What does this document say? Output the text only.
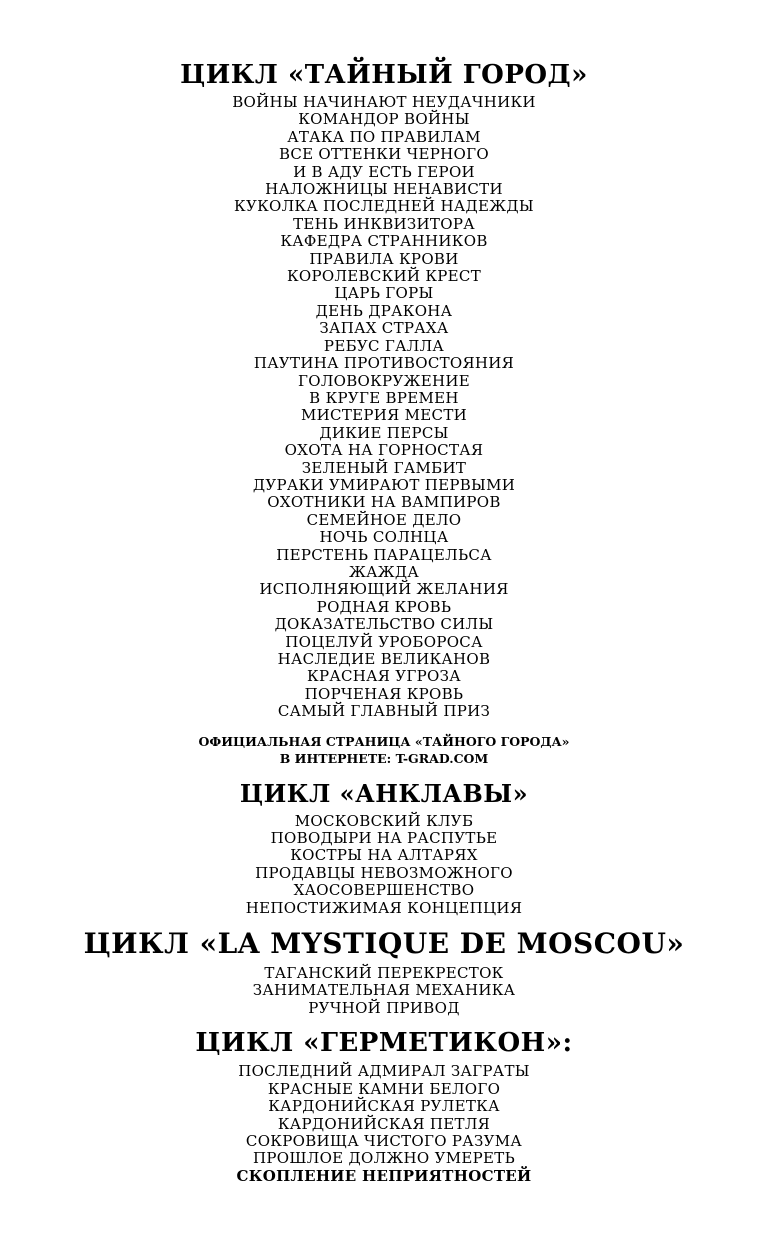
ЦИКЛ «ТАЙНЫЙ ГОРОД»
ВОЙНЫ НАЧИНАЮТ НЕУДАЧНИКИ
КОМАНДОР ВОЙНЫ
АТАКА ПО ПРАВИЛАМ
ВСЕ ОТТЕНКИ ЧЕРНОГО
И В АДУ ЕСТЬ ГЕРОИ
НАЛОЖНИЦЫ НЕНАВИСТИ
КУКОЛКА ПОСЛЕДНЕЙ НАДЕЖДЫ
ТЕНЬ ИНКВИЗИТОРА
КАФЕДРА СТРАННИКОВ
ПРАВИЛА КРОВИ
КОРОЛЕВСКИЙ КРЕСТ
ЦАРЬ ГОРЫ
ДЕНЬ ДРАКОНА
ЗАПАХ СТРАХА
РЕБУС ГАЛЛА
ПАУТИНА ПРОТИВОСТОЯНИЯ
ГОЛОВОКРУЖЕНИЕ
В КРУГЕ ВРЕМЕН
МИСТЕРИЯ МЕСТИ
ДИКИЕ ПЕРСЫ
ОХОТА НА ГОРНОСТАЯ
ЗЕЛЕНЫЙ ГАМБИТ
ДУРАКИ УМИРАЮТ ПЕРВЫМИ
ОХОТНИКИ НА ВАМПИРОВ
СЕМЕЙНОЕ ДЕЛО
НОЧЬ СОЛНЦА
ПЕРСТЕНЬ ПАРАЦЕЛЬСА
ЖАЖДА
ИСПОЛНЯЮЩИЙ ЖЕЛАНИЯ
РОДНАЯ КРОВЬ
ДОКАЗАТЕЛЬСТВО СИЛЫ
ПОЦЕЛУЙ УРОБОРОСА
НАСЛЕДИЕ ВЕЛИКАНОВ
КРАСНАЯ УГРОЗА
ПОРЧЕНАЯ КРОВЬ
САМЫЙ ГЛАВНЫЙ ПРИЗ
ОФИЦИАЛЬНАЯ СТРАНИЦА «ТАЙНОГО ГОРОДА»
В ИНТЕРНЕТЕ: T-GRAD.COM
ЦИКЛ «АНКЛАВЫ»
МОСКОВСКИЙ КЛУБ
ПОВОДЫРИ НА РАСПУТЬЕ
КОСТРЫ НА АЛТАРЯХ
ПРОДАВЦЫ НЕВОЗМОЖНОГО
ХАОСОВЕРШЕНСТВО
НЕПОСТИЖИМАЯ КОНЦЕПЦИЯ
ЦИКЛ «LA MYSTIQUE DE MOSCOU»
ТАГАНСКИЙ ПЕРЕКРЕСТОК
ЗАНИМАТЕЛЬНАЯ МЕХАНИКА
РУЧНОЙ ПРИВОД
ЦИКЛ «ГЕРМЕТИКОН»:
ПОСЛЕДНИЙ АДМИРАЛ ЗАГРАТЫ
КРАСНЫЕ КАМНИ БЕЛОГО
КАРДОНИЙСКАЯ РУЛЕТКА
КАРДОНИЙСКАЯ ПЕТЛЯ
СОКРОВИЩА ЧИСТОГО РАЗУМА
ПРОШЛОЕ ДОЛЖНО УМЕРЕТЬ
СКОПЛЕНИЕ НЕПРИЯТНОСТЕЙ
